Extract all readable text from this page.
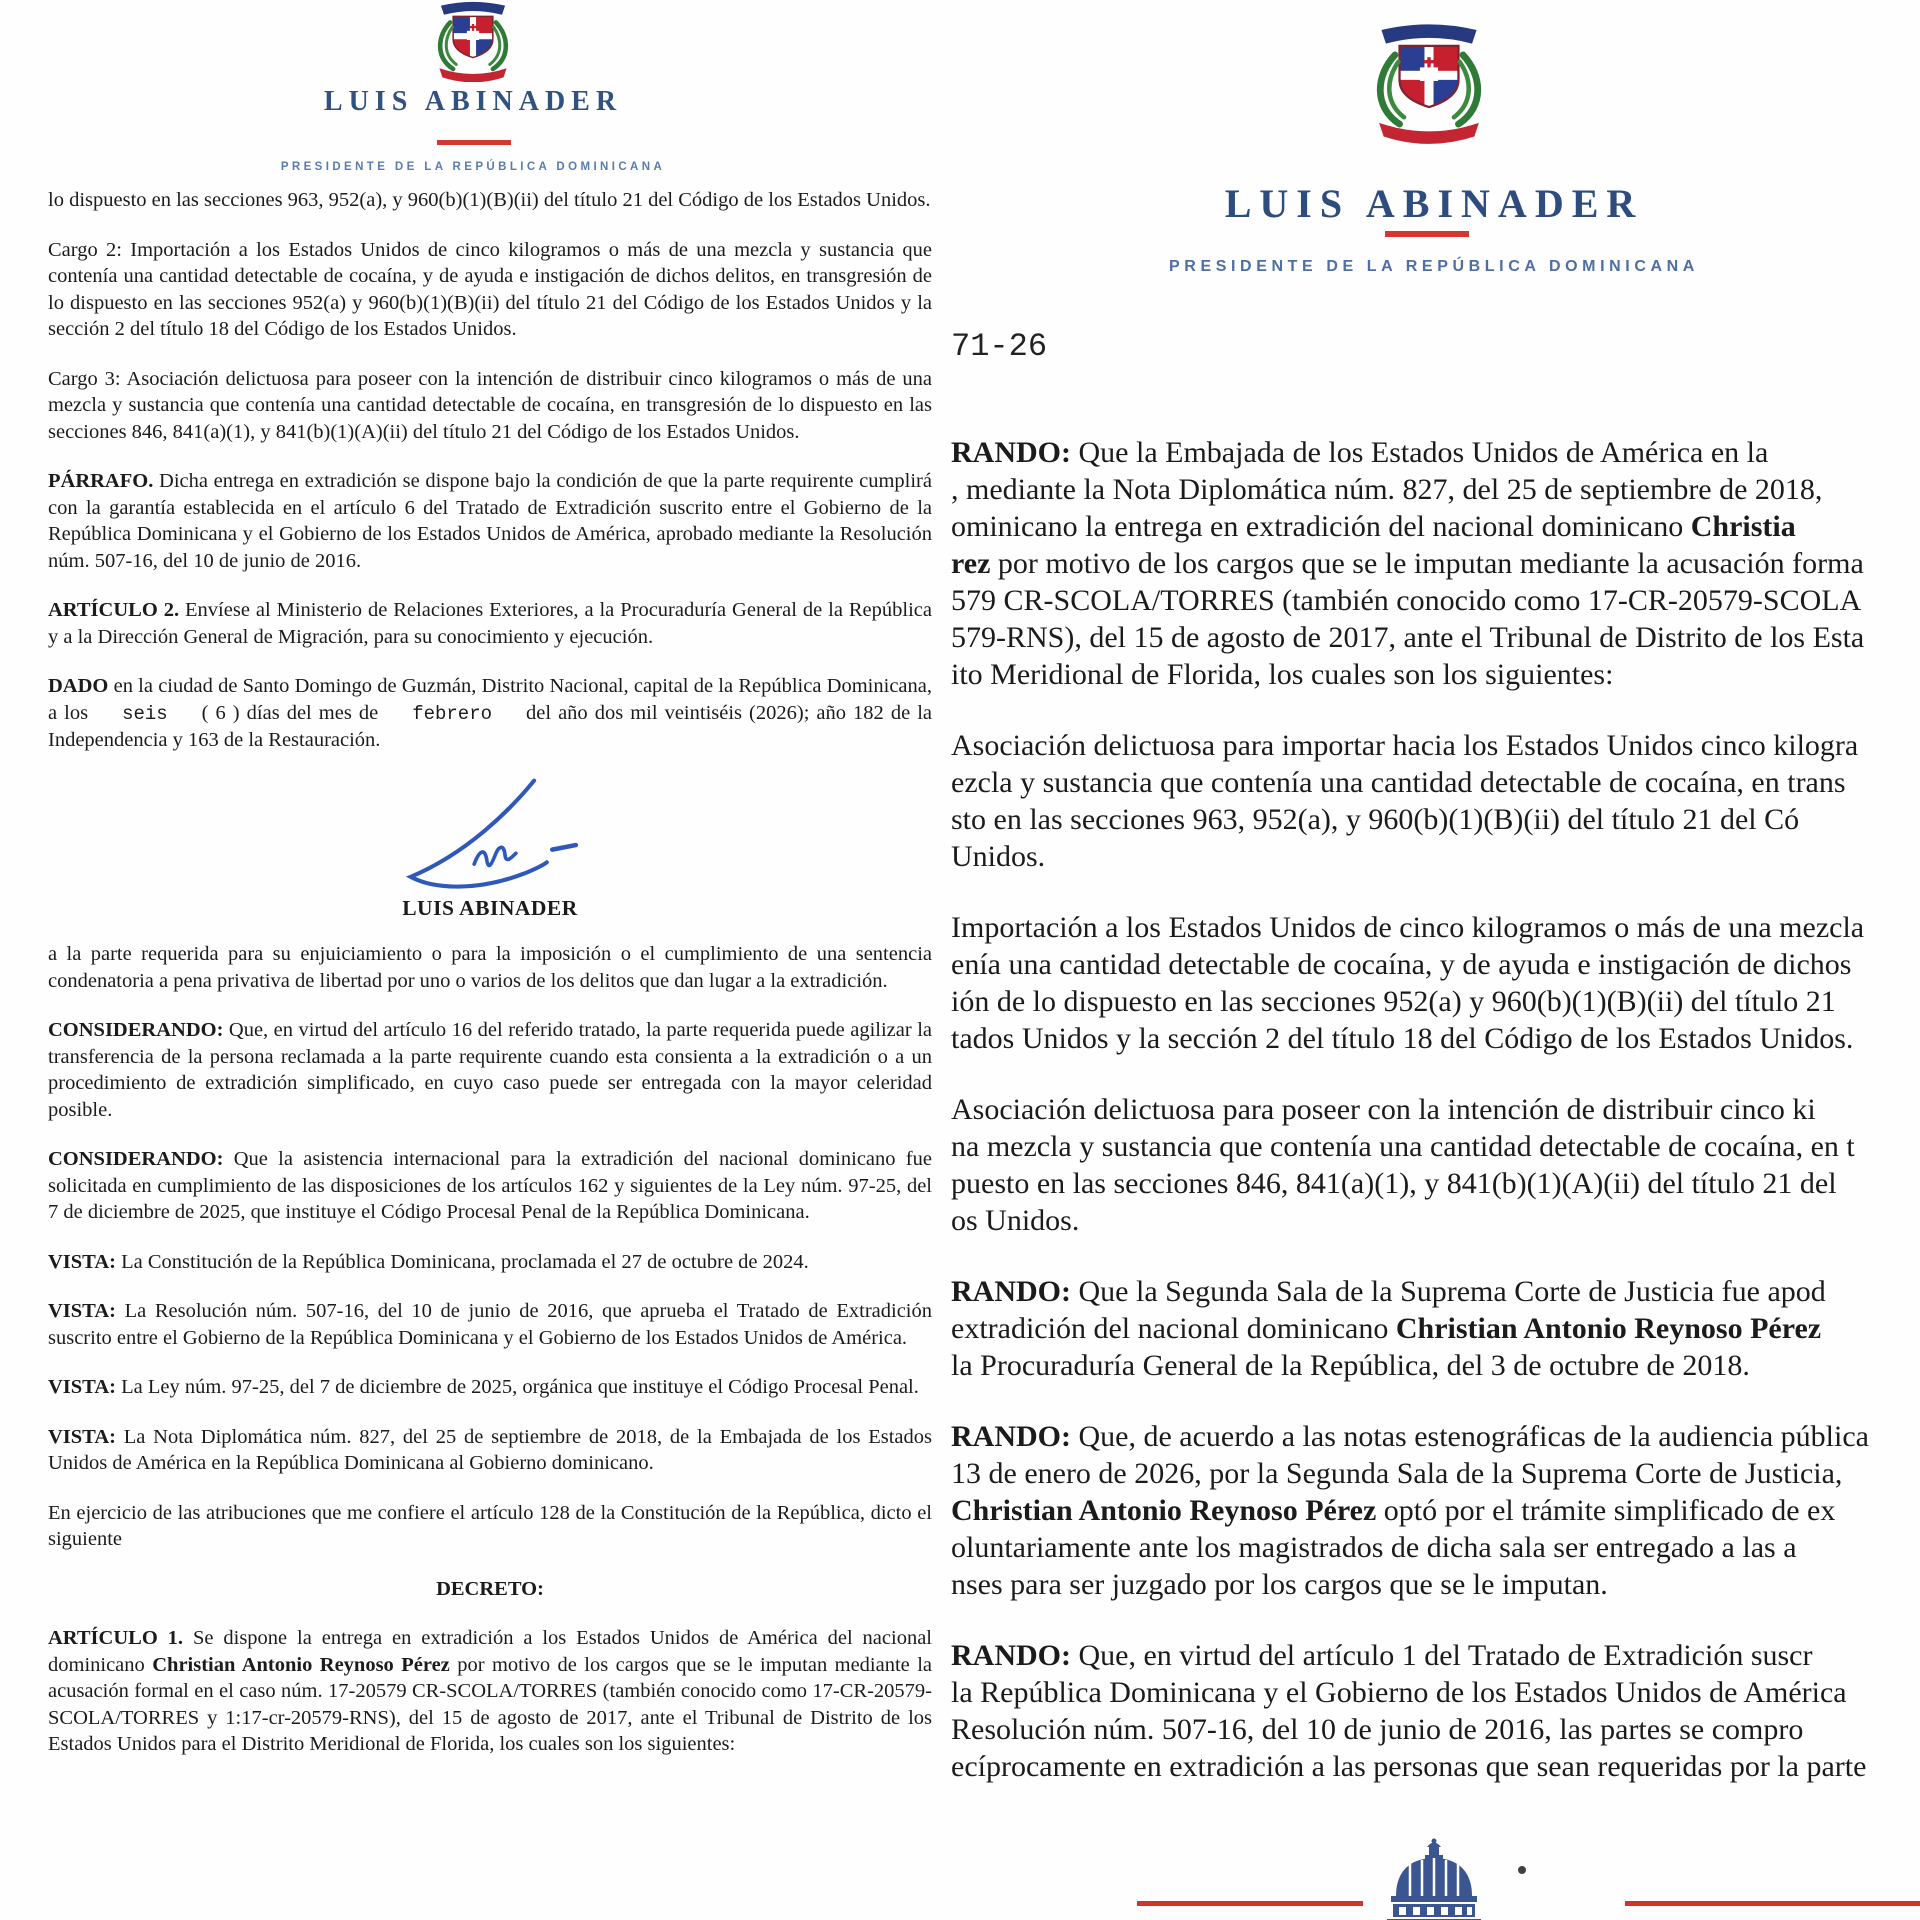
LUIS ABINADER
PRESIDENTE DE LA REPÚBLICA DOMINICANA

lo dispuesto en las secciones 963, 952(a), y 960(b)(1)(B)(ii) del título 21 del Código de los Estados Unidos.

Cargo 2: Importación a los Estados Unidos de cinco kilogramos o más de una mezcla y sustancia que contenía una cantidad detectable de cocaína, y de ayuda e instigación de dichos delitos, en transgresión de lo dispuesto en las secciones 952(a) y 960(b)(1)(B)(ii) del título 21 del Código de los Estados Unidos y la sección 2 del título 18 del Código de los Estados Unidos.

Cargo 3: Asociación delictuosa para poseer con la intención de distribuir cinco kilogramos o más de una mezcla y sustancia que contenía una cantidad detectable de cocaína, en transgresión de lo dispuesto en las secciones 846, 841(a)(1), y 841(b)(1)(A)(ii) del título 21 del Código de los Estados Unidos.

PÁRRAFO. Dicha entrega en extradición se dispone bajo la condición de que la parte requirente cumplirá con la garantía establecida en el artículo 6 del Tratado de Extradición suscrito entre el Gobierno de la República Dominicana y el Gobierno de los Estados Unidos de América, aprobado mediante la Resolución núm. 507-16, del 10 de junio de 2016.

ARTÍCULO 2. Envíese al Ministerio de Relaciones Exteriores, a la Procuraduría General de la República y a la Dirección General de Migración, para su conocimiento y ejecución.

DADO en la ciudad de Santo Domingo de Guzmán, Distrito Nacional, capital de la República Dominicana, a los seis ( 6 ) días del mes de febrero del año dos mil veintiséis (2026); año 182 de la Independencia y 163 de la Restauración.

LUIS ABINADER

a la parte requerida para su enjuiciamiento o para la imposición o el cumplimiento de una sentencia condenatoria a pena privativa de libertad por uno o varios de los delitos que dan lugar a la extradición.

CONSIDERANDO: Que, en virtud del artículo 16 del referido tratado, la parte requerida puede agilizar la transferencia de la persona reclamada a la parte requirente cuando esta consienta a la extradición o a un procedimiento de extradición simplificado, en cuyo caso puede ser entregada con la mayor celeridad posible.

CONSIDERANDO: Que la asistencia internacional para la extradición del nacional dominicano fue solicitada en cumplimiento de las disposiciones de los artículos 162 y siguientes de la Ley núm. 97-25, del 7 de diciembre de 2025, que instituye el Código Procesal Penal de la República Dominicana.

VISTA: La Constitución de la República Dominicana, proclamada el 27 de octubre de 2024.

VISTA: La Resolución núm. 507-16, del 10 de junio de 2016, que aprueba el Tratado de Extradición suscrito entre el Gobierno de la República Dominicana y el Gobierno de los Estados Unidos de América.

VISTA: La Ley núm. 97-25, del 7 de diciembre de 2025, orgánica que instituye el Código Procesal Penal.

VISTA: La Nota Diplomática núm. 827, del 25 de septiembre de 2018, de la Embajada de los Estados Unidos de América en la República Dominicana al Gobierno dominicano.

En ejercicio de las atribuciones que me confiere el artículo 128 de la Constitución de la República, dicto el siguiente

DECRETO:

ARTÍCULO 1. Se dispone la entrega en extradición a los Estados Unidos de América del nacional dominicano Christian Antonio Reynoso Pérez por motivo de los cargos que se le imputan mediante la acusación formal en el caso núm. 17-20579 CR-SCOLA/TORRES (también conocido como 17-CR-20579-SCOLA/TORRES y 1:17-cr-20579-RNS), del 15 de agosto de 2017, ante el Tribunal de Distrito de los Estados Unidos para el Distrito Meridional de Florida, los cuales son los siguientes:

LUIS ABINADER
PRESIDENTE DE LA REPÚBLICA DOMINICANA
71-26
RANDO: Que la Embajada de los Estados Unidos de América en la
, mediante la Nota Diplomática núm. 827, del 25 de septiembre de 2018,
ominicano la entrega en extradición del nacional dominicano Christia
rez por motivo de los cargos que se le imputan mediante la acusación forma
579 CR-SCOLA/TORRES (también conocido como 17-CR-20579-SCOLA
579-RNS), del 15 de agosto de 2017, ante el Tribunal de Distrito de los Esta
ito Meridional de Florida, los cuales son los siguientes:
Asociación delictuosa para importar hacia los Estados Unidos cinco kilogra
ezcla y sustancia que contenía una cantidad detectable de cocaína, en trans
sto en las secciones 963, 952(a), y 960(b)(1)(B)(ii) del título 21 del Có
Unidos.
Importación a los Estados Unidos de cinco kilogramos o más de una mezcla
enía una cantidad detectable de cocaína, y de ayuda e instigación de dichos
ión de lo dispuesto en las secciones 952(a) y 960(b)(1)(B)(ii) del título 21
tados Unidos y la sección 2 del título 18 del Código de los Estados Unidos.
Asociación delictuosa para poseer con la intención de distribuir cinco ki
na mezcla y sustancia que contenía una cantidad detectable de cocaína, en t
puesto en las secciones 846, 841(a)(1), y 841(b)(1)(A)(ii) del título 21 del
os Unidos.
RANDO: Que la Segunda Sala de la Suprema Corte de Justicia fue apod
extradición del nacional dominicano Christian Antonio Reynoso Pérez
la Procuraduría General de la República, del 3 de octubre de 2018.
RANDO: Que, de acuerdo a las notas estenográficas de la audiencia pública
13 de enero de 2026, por la Segunda Sala de la Suprema Corte de Justicia,
Christian Antonio Reynoso Pérez optó por el trámite simplificado de ex
oluntariamente ante los magistrados de dicha sala ser entregado a las a
nses para ser juzgado por los cargos que se le imputan.
RANDO: Que, en virtud del artículo 1 del Tratado de Extradición suscr
la República Dominicana y el Gobierno de los Estados Unidos de América
Resolución núm. 507-16, del 10 de junio de 2016, las partes se compro
ecíprocamente en extradición a las personas que sean requeridas por la parte
